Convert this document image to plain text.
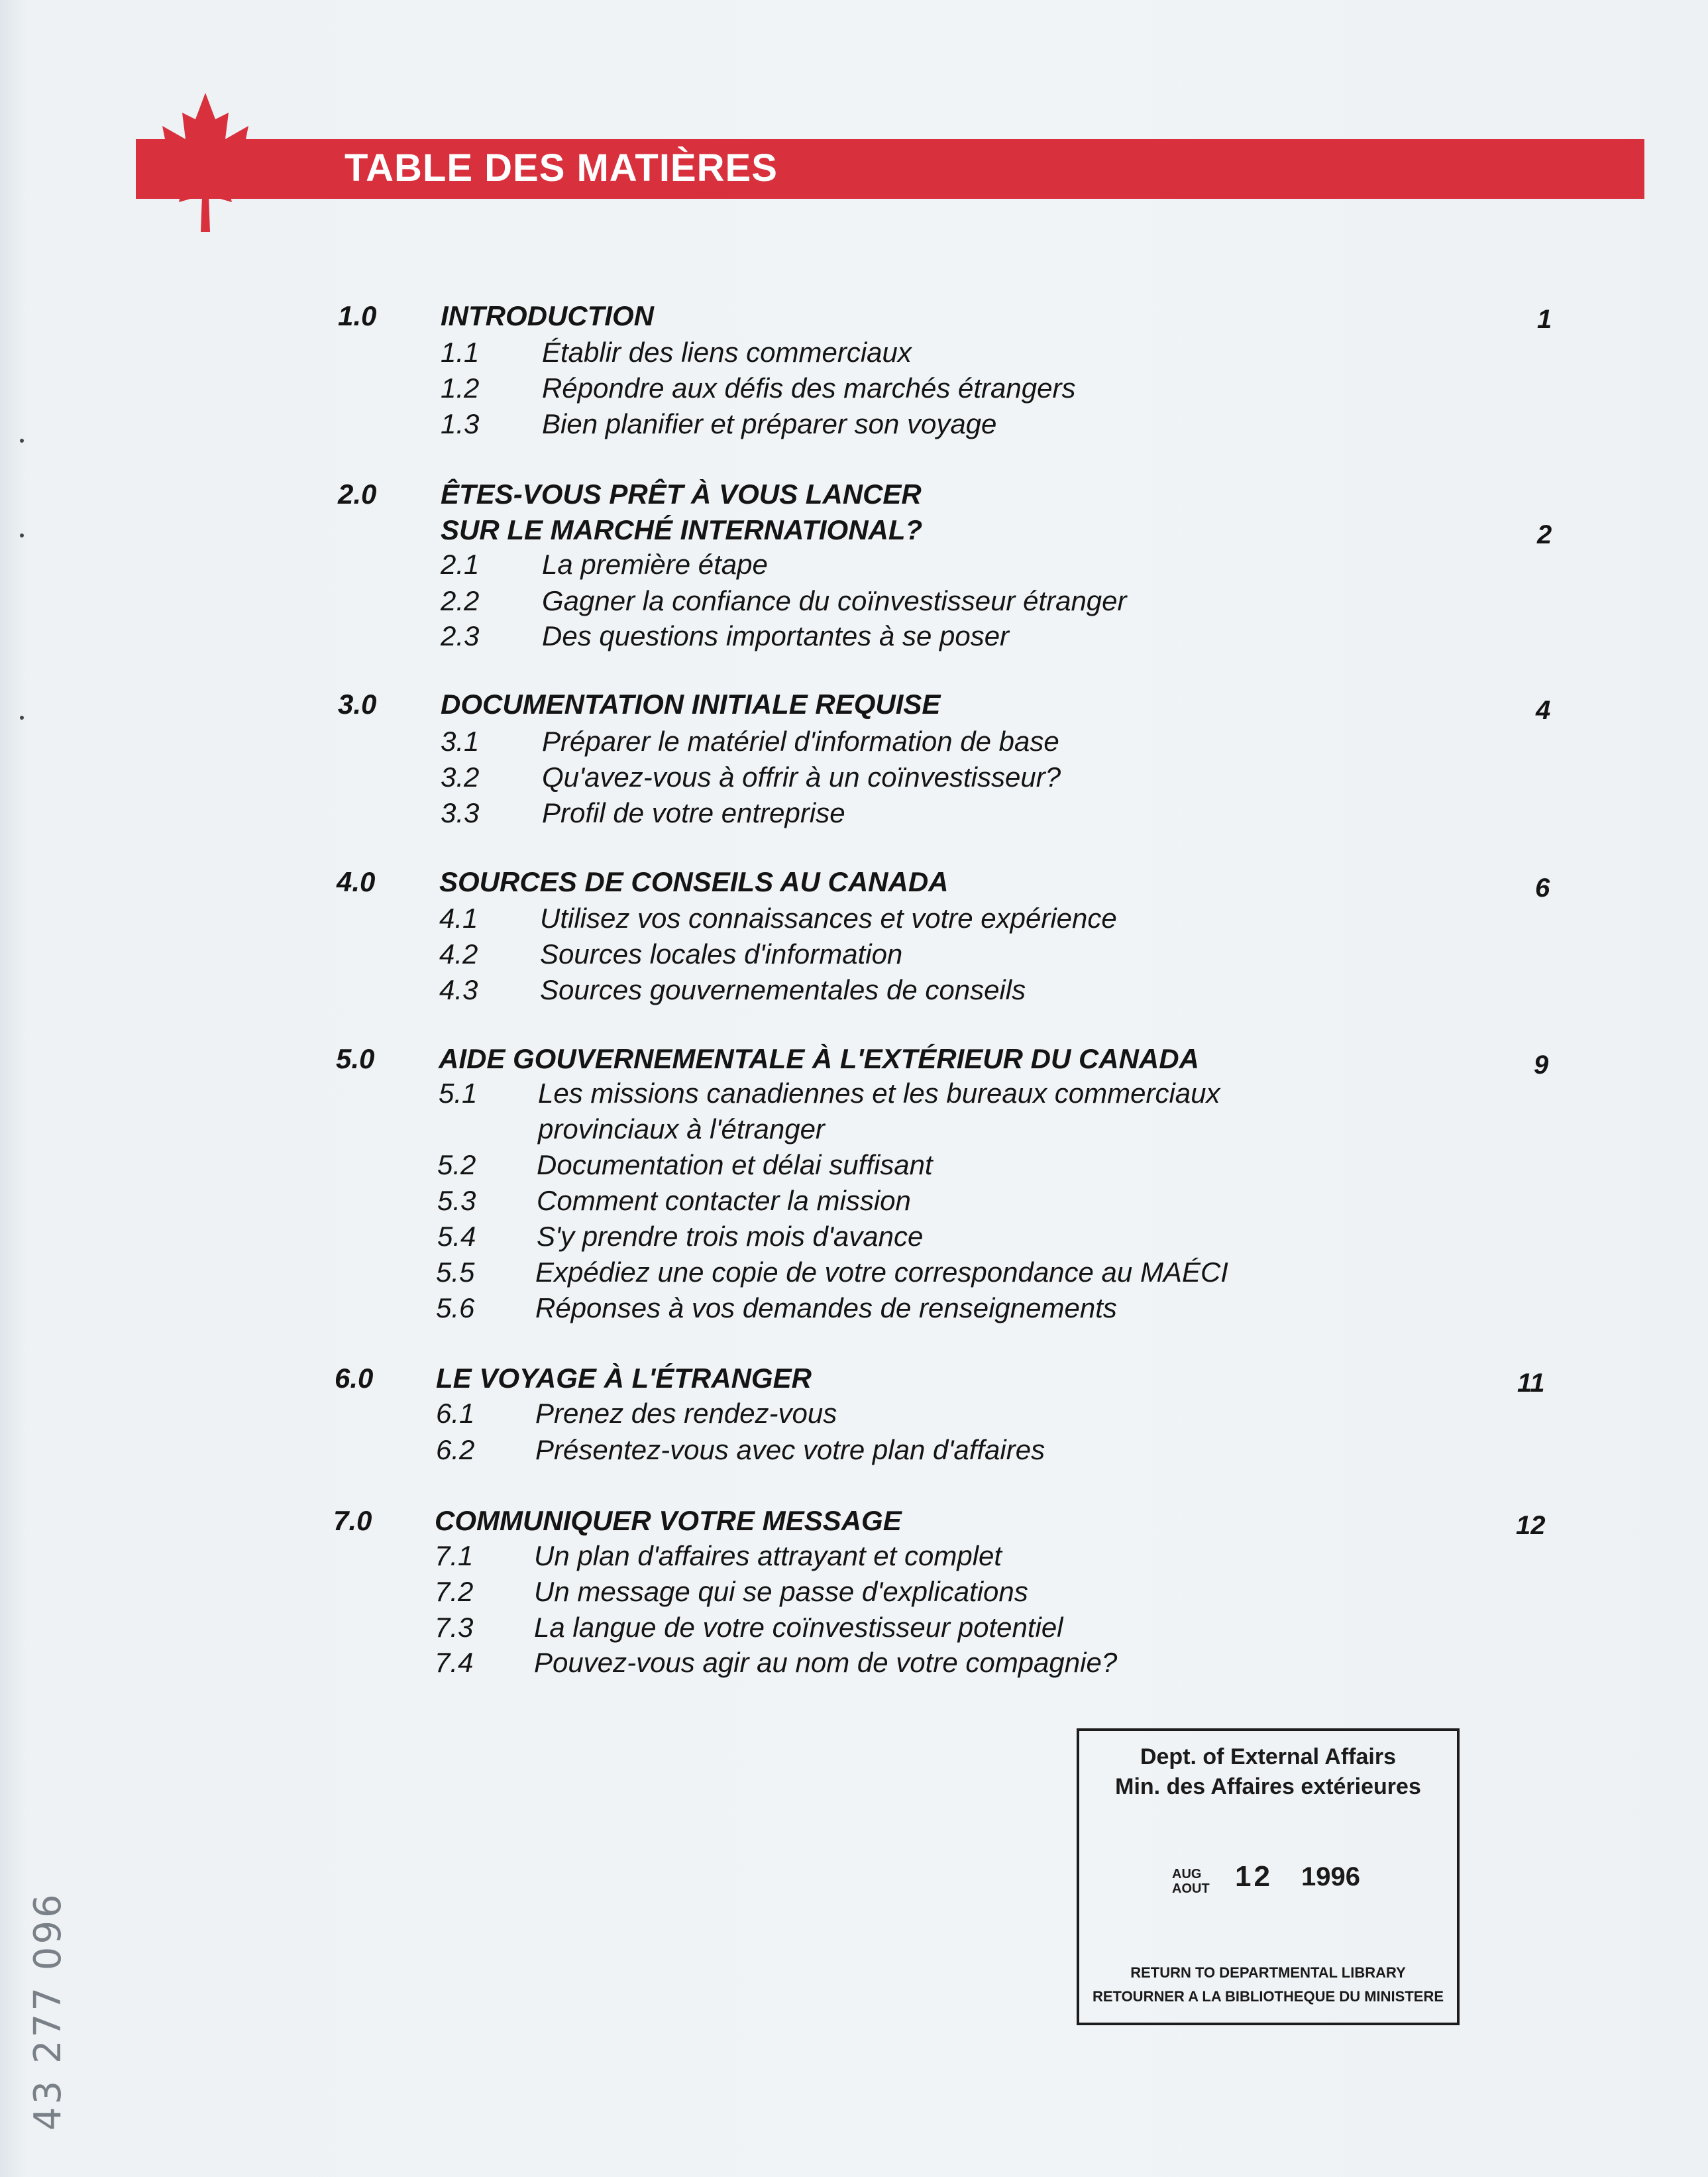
TABLE DES MATIÈRES
1.0 INTRODUCTION	1
1.1 Établir des liens commerciaux
1.2 Répondre aux défis des marchés étrangers
1.3 Bien planifier et préparer son voyage
2.0 ÊTES-VOUS PRÊT À VOUS LANCER
SUR LE MARCHÉ INTERNATIONAL?	2
2.1 La première étape
2.2 Gagner la confiance du coïnvestisseur étranger
2.3 Des questions importantes à se poser
3.0 DOCUMENTATION INITIALE REQUISE	4
3.1 Préparer le matériel d'information de base
3.2 Qu'avez-vous à offrir à un coïnvestisseur?
3.3 Profil de votre entreprise
4.0 SOURCES DE CONSEILS AU CANADA	6
4.1 Utilisez vos connaissances et votre expérience
4.2 Sources locales d'information
4.3 Sources gouvernementales de conseils
5.0 AIDE GOUVERNEMENTALE À L'EXTÉRIEUR DU CANADA	9
5.1 Les missions canadiennes et les bureaux commerciaux
provinciaux à l'étranger
5.2 Documentation et délai suffisant
5.3 Comment contacter la mission
5.4 S'y prendre trois mois d'avance
5.5 Expédiez une copie de votre correspondance au MAÉCI
5.6 Réponses à vos demandes de renseignements
6.0 LE VOYAGE À L'ÉTRANGER	11
6.1 Prenez des rendez-vous
6.2 Présentez-vous avec votre plan d'affaires
7.0 COMMUNIQUER VOTRE MESSAGE	12
7.1 Un plan d'affaires attrayant et complet
7.2 Un message qui se passe d'explications
7.3 La langue de votre coïnvestisseur potentiel
7.4 Pouvez-vous agir au nom de votre compagnie?
Dept. of External Affairs
Min. des Affaires extérieures
AUG
AOUT 12 1996
RETURN TO DEPARTMENTAL LIBRARY
RETOURNER A LA BIBLIOTHEQUE DU MINISTERE
43 277 096
